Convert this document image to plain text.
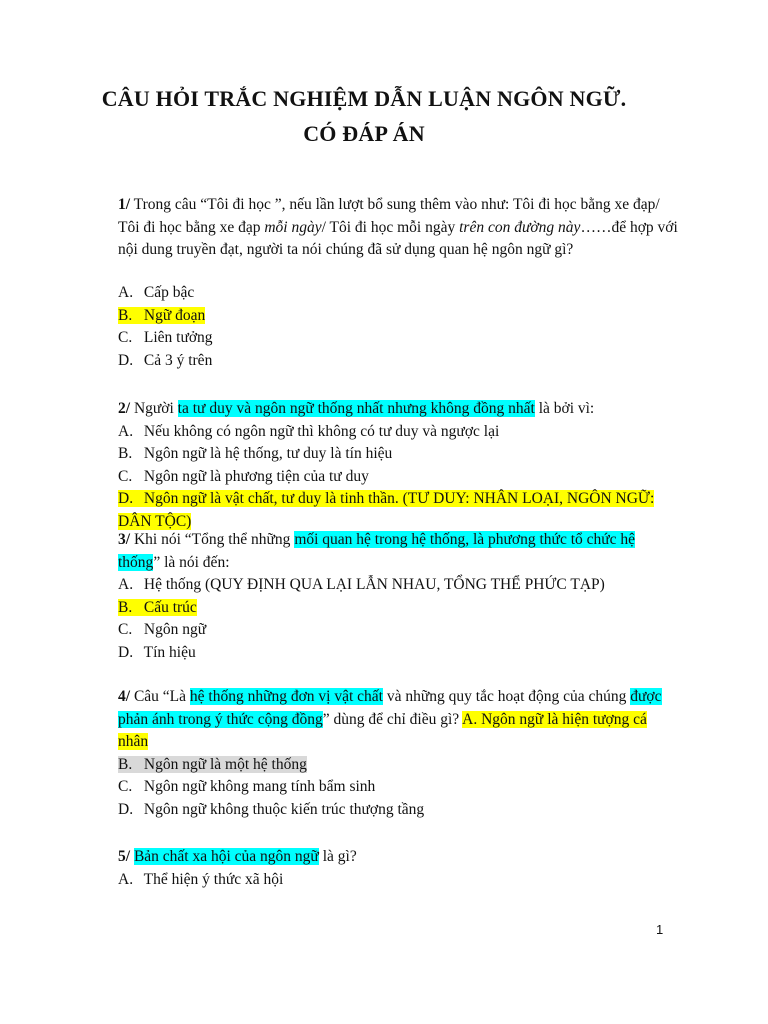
CÂU HỎI TRẮC NGHIỆM DẪN LUẬN NGÔN NGỮ.
CÓ ĐÁP ÁN

1/ Trong câu “Tôi đi học ”, nếu lần lượt bổ sung thêm vào như: Tôi đi học bằng xe đạp/ Tôi đi học bằng xe đạp mỗi ngày/ Tôi đi học mỗi ngày trên con đường này……để hợp với nội dung truyền đạt, người ta nói chúng đã sử dụng quan hệ ngôn ngữ gì?

A. Cấp bậc
B. Ngữ đoạn
C. Liên tưởng
D. Cả 3 ý trên

2/ Người ta tư duy và ngôn ngữ thống nhất nhưng không đồng nhất là bởi vì:

A. Nếu không có ngôn ngữ thì không có tư duy và ngược lại
B. Ngôn ngữ là hệ thống, tư duy là tín hiệu
C. Ngôn ngữ là phương tiện của tư duy
D. Ngôn ngữ là vật chất, tư duy là tinh thần. (TƯ DUY: NHÂN LOẠI, NGÔN NGỮ: DÂN TỘC)

3/ Khi nói “Tổng thể những mối quan hệ trong hệ thống, là phương thức tổ chức hệ thống” là nói đến:

A. Hệ thống (QUY ĐỊNH QUA LẠI LẪN NHAU, TỔNG THỂ PHỨC TẠP)
B. Cấu trúc
C. Ngôn ngữ
D. Tín hiệu

4/ Câu “Là hệ thống những đơn vị vật chất và những quy tắc hoạt động của chúng được phản ánh trong ý thức cộng đồng” dùng để chỉ điều gì? A. Ngôn ngữ là hiện tượng cá nhân

B. Ngôn ngữ là một hệ thống
C. Ngôn ngữ không mang tính bẩm sinh
D. Ngôn ngữ không thuộc kiến trúc thượng tầng

5/ Bản chất xa hội của ngôn ngữ là gì?

A. Thể hiện ý thức xã hội
1
